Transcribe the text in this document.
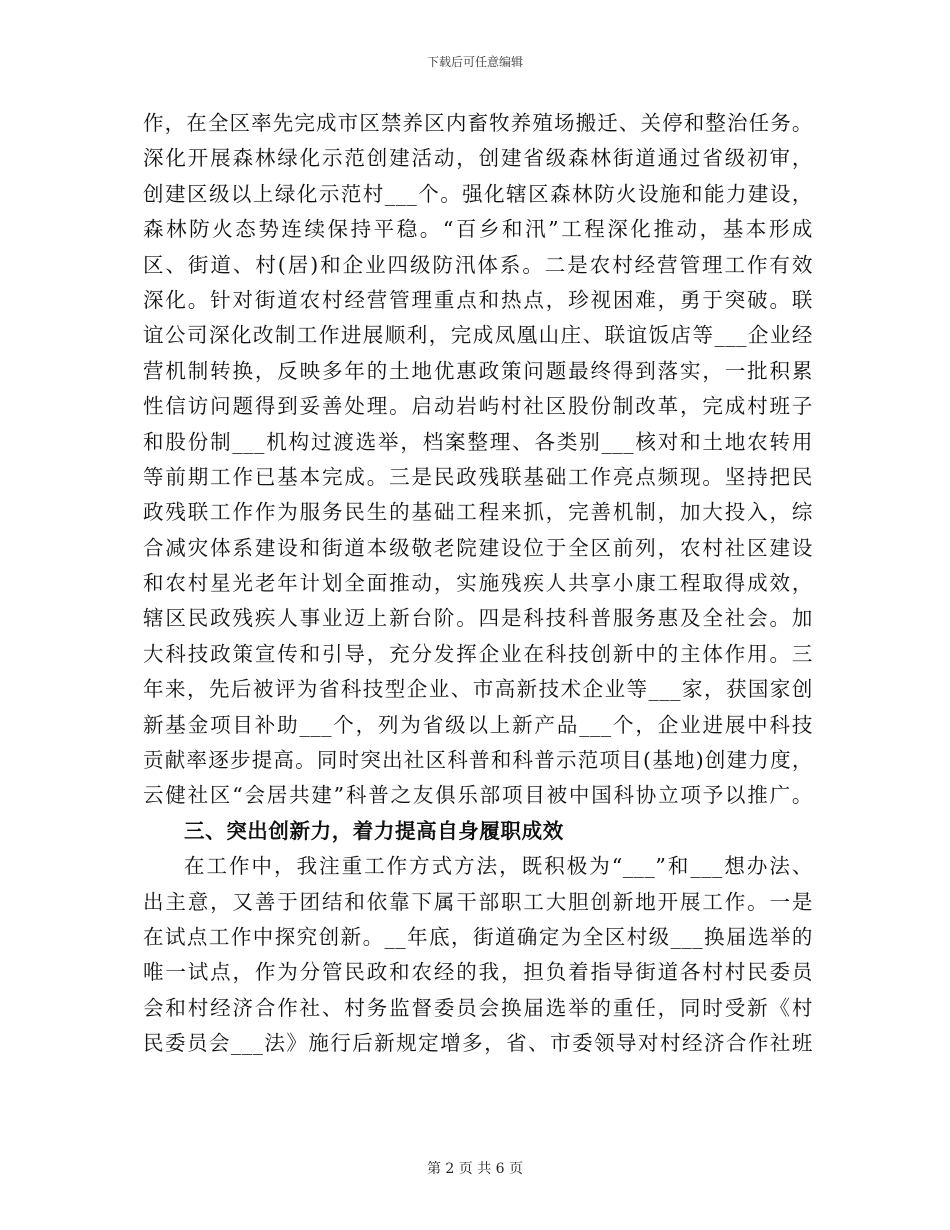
下载后可任意编辑
作，在全区率先完成市区禁养区内畜牧养殖场搬迁、关停和整治任务。
深化开展森林绿化示范创建活动，创建省级森林街道通过省级初审，
创建区级以上绿化示范村___个。强化辖区森林防火设施和能力建设，
森林防火态势连续保持平稳。“百乡和汛”工程深化推动，基本形成
区、街道、村(居)和企业四级防汛体系。二是农村经营管理工作有效
深化。针对街道农村经营管理重点和热点，珍视困难，勇于突破。联
谊公司深化改制工作进展顺利，完成凤凰山庄、联谊饭店等___企业经
营机制转换，反映多年的土地优惠政策问题最终得到落实，一批积累
性信访问题得到妥善处理。启动岩屿村社区股份制改革，完成村班子
和股份制___机构过渡选举，档案整理、各类别___核对和土地农转用
等前期工作已基本完成。三是民政残联基础工作亮点频现。坚持把民
政残联工作作为服务民生的基础工程来抓，完善机制，加大投入，综
合减灾体系建设和街道本级敬老院建设位于全区前列，农村社区建设
和农村星光老年计划全面推动，实施残疾人共享小康工程取得成效，
辖区民政残疾人事业迈上新台阶。四是科技科普服务惠及全社会。加
大科技政策宣传和引导，充分发挥企业在科技创新中的主体作用。三
年来，先后被评为省科技型企业、市高新技术企业等___家，获国家创
新基金项目补助___个，列为省级以上新产品___个，企业进展中科技
贡献率逐步提高。同时突出社区科普和科普示范项目(基地)创建力度，
云健社区“会居共建”科普之友俱乐部项目被中国科协立项予以推广。
三、突出创新力，着力提高自身履职成效
在工作中，我注重工作方式方法，既积极为“___”和___想办法、
出主意，又善于团结和依靠下属干部职工大胆创新地开展工作。一是
在试点工作中探究创新。__年底，街道确定为全区村级___换届选举的
唯一试点，作为分管民政和农经的我，担负着指导街道各村村民委员
会和村经济合作社、村务监督委员会换届选举的重任，同时受新《村
民委员会___法》施行后新规定增多，省、市委领导对村经济合作社班
第 2 页 共 6 页
